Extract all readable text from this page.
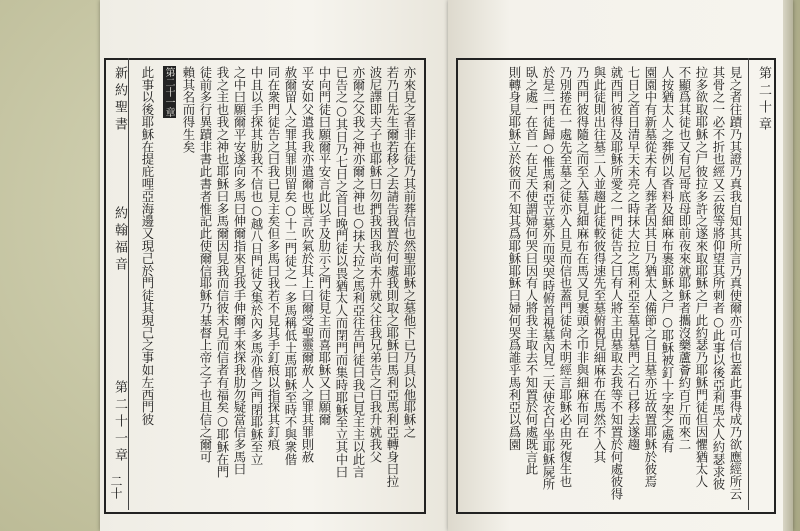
新約聖書
約翰福音
第二十一章
二十
第二十一章
此事以後耶穌在提庇哩亞海邊又現己於門徒其現己之事如左西門彼	亦來見之者非在徒乃其前葬信也然聖耶穌之墓他下已乃具以他耶穌之
若乃日先生爾若移之去請告我置於何處我則取之耶穌曰馬利亞馬利亞轉身曰拉
波尼譯即夫子也耶穌曰勿捫我因我尚未升就父往我兄弟告之曰我升就我父
亦爾之父我之神亦爾之神也○抹大拉之馬利亞往告門徒曰我已見主主以此言
已告之○其日乃七日之首日晚門徒以畏猶太人而閉門而集時耶穌至立其中曰
中向門徒曰願爾平安言此以手及肋示之門徒見主而喜耶穌又曰願爾
平安如父遣我我亦遣爾也既言吹氣於其上曰爾受聖靈爾赦人之罪其罪則赦
赦爾留人之罪其罪則留矣○十二門徒之一多馬稱低土馬耶穌至時不與衆偕
同在衆門徒告之曰我已見主矣但多馬曰我若不見其手釘痕以指探其釘痕
中且以手探其肋我不信也○越八日門徒又集於內多馬亦偕之門閉耶穌至立
之中曰願爾平安遂向多馬曰伸爾指來見我手伸爾手來探我肋勿疑當信多馬曰
我之主也我之神也耶穌曰多馬爾因見我而信彼未見而信者有福矣○耶穌在門
徒前多行異蹟非書此書者惟記此使爾信耶穌乃基督上帝之子也且信之爾可
賴其名而得生矣	第二十章
見之者往蹟乃其證乃真我自知其所言乃真使爾亦可信也蓋此事得成乃欲應經所云
其骨之一必不折也經又云彼等將仰望其所刺者○此事以後亞利馬太人約瑟求彼
拉多欲取耶穌之尸彼拉多許之遂來取耶穌之尸此約瑟乃耶穌門徒但因懼猶太人
不顯爲其徒也又有尼哥底母即前夜來就耶穌者攜沒藥蘆薈約百斤而來二
人按猶太人之葬例以香料及細麻布裹耶穌之尸○耶穌被釘十字架之處有
園園中有新墓從未有人葬者因其日乃猶太人備節之日且墓亦近故置耶穌於彼焉
七日之首日清早天未亮之時抹大拉之馬利亞至墓見墓門之石已移去遂趨
就西門彼得及耶穌所愛之一門徒告之曰有人將主由墓取去我等不知置於何處彼得
與此徒則出往墓二人並趨此徒較彼得速先至墓俯視見細麻布在馬然不入其
乃西門彼得隨之而至入墓見細麻布在馬又見裹頭之巾非與細麻布同在
乃別捲在一處先至墓之徒亦入且見而信也蓋門徒尙未明經言耶穌必由死復生也
於是二門徒歸○惟馬利亞立墓外而哭哭時俯首視墓內見二天使衣白坐耶穌屍所
臥之處一在首一在足天使謂婦何哭曰因有人將我主取去不知置於何處既言此
則轉身見耶穌立於彼而不知其爲耶穌耶穌曰婦何哭爲誰乎馬利亞以爲園
